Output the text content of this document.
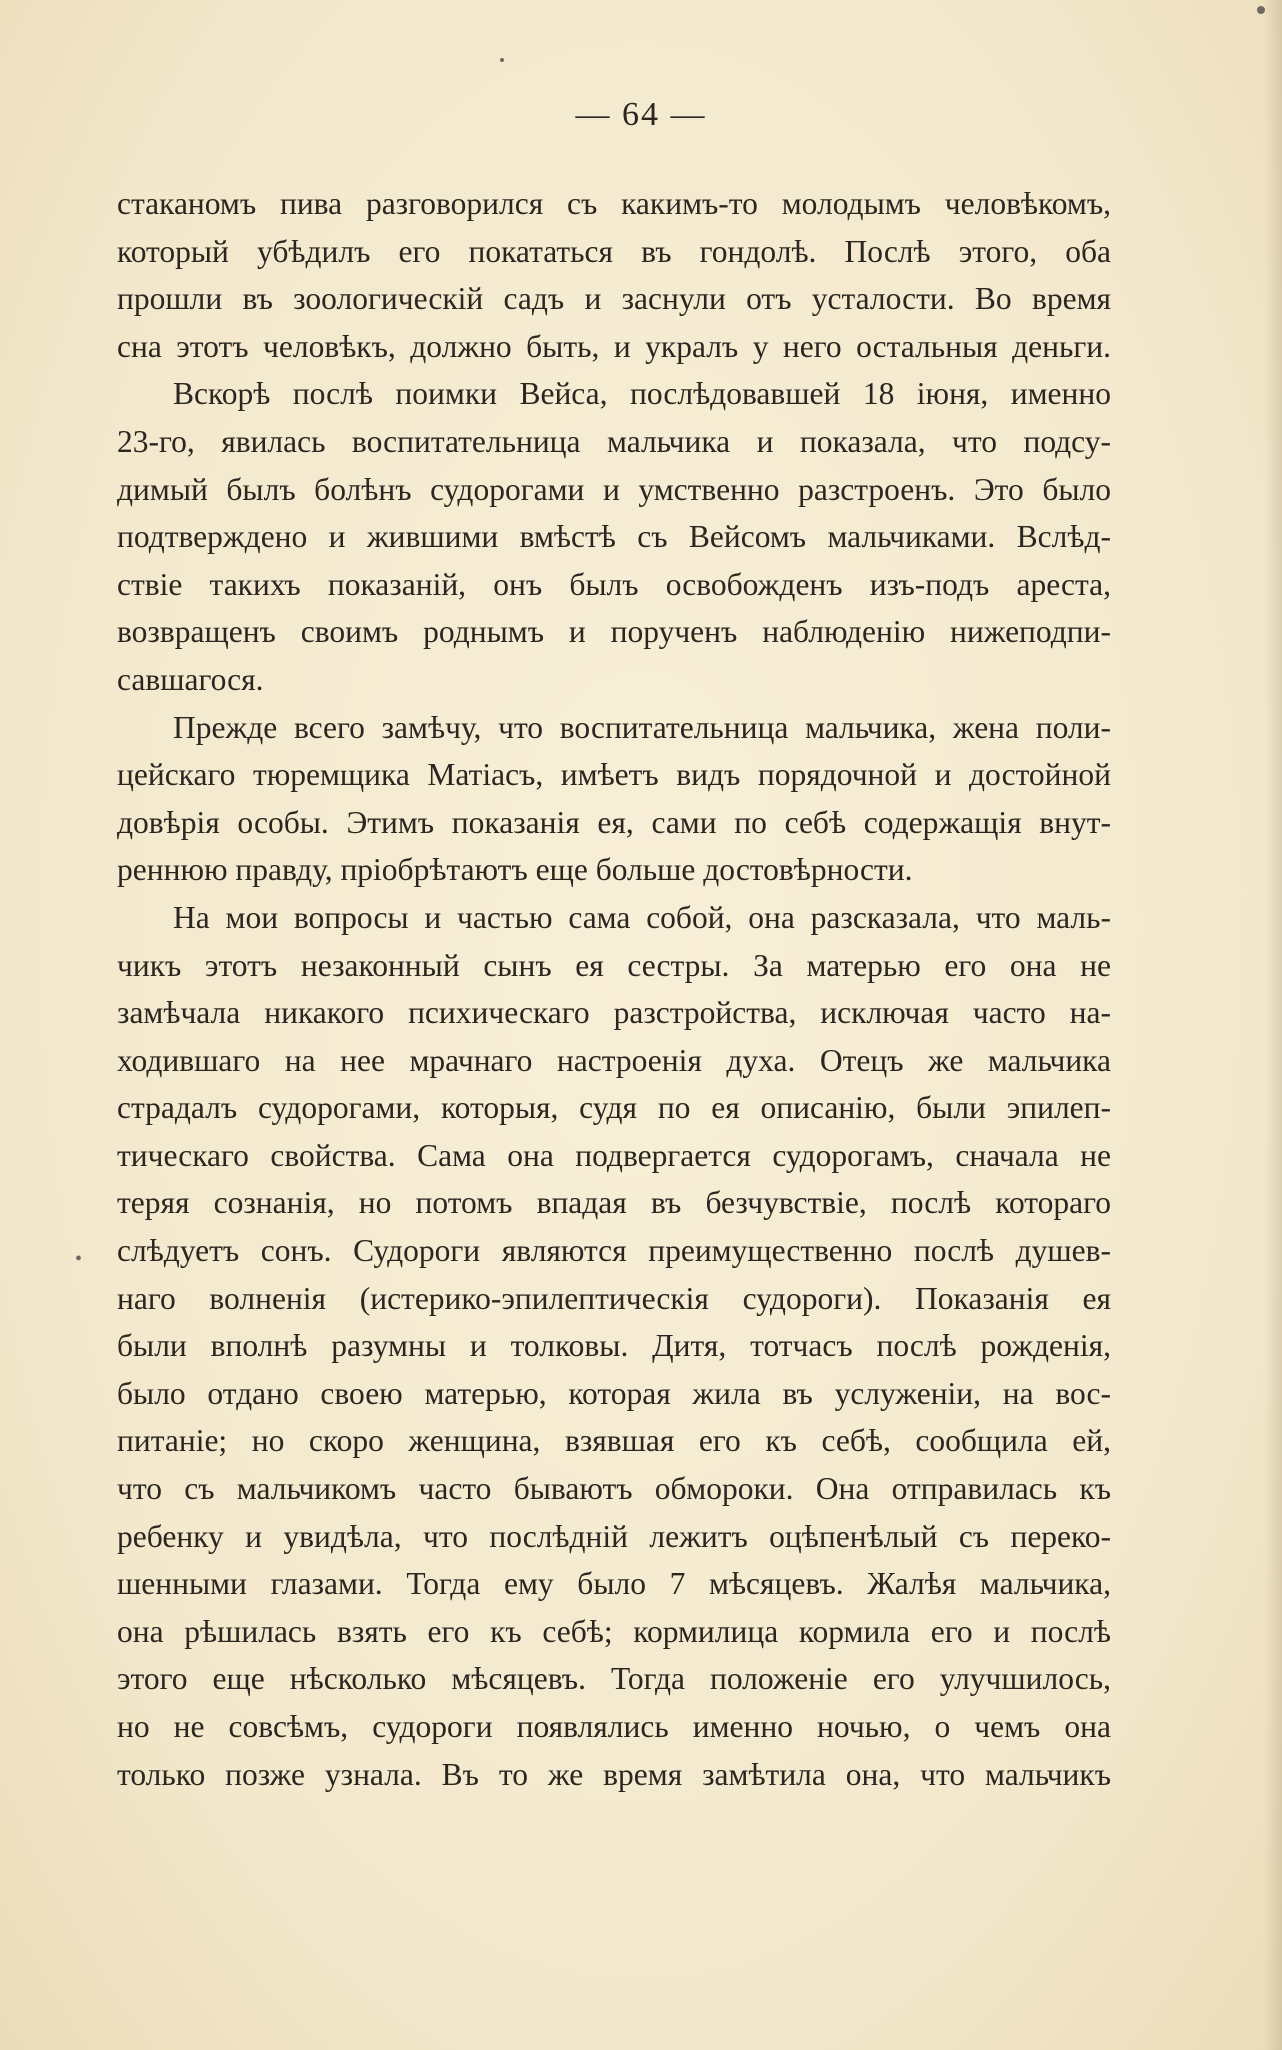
— 64 —
•
стаканомъ пива разговорился съ какимъ-то молодымъ человѣкомъ,
который убѣдилъ его покататься въ гондолѣ. Послѣ этого, оба
прошли въ зоологическій садъ и заснули отъ усталости. Во время
сна этотъ человѣкъ, должно быть, и укралъ у него остальныя деньги.
Вскорѣ послѣ поимки Вейса, послѣдовавшей 18 іюня, именно
23-го, явилась воспитательница мальчика и показала, что подсу-
димый былъ болѣнъ судорогами и умственно разстроенъ. Это было
подтверждено и жившими вмѣстѣ съ Вейсомъ мальчиками. Вслѣд-
ствіе такихъ показаній, онъ былъ освобожденъ изъ-подъ ареста,
возвращенъ своимъ роднымъ и порученъ наблюденію нижеподпи-
савшагося.
Прежде всего замѣчу, что воспитательница мальчика, жена поли-
цейскаго тюремщика Матіасъ, имѣетъ видъ порядочной и достойной
довѣрія особы. Этимъ показанія ея, сами по себѣ содержащія внут-
реннюю правду, пріобрѣтаютъ еще больше достовѣрности.
На мои вопросы и частью сама собой, она разсказала, что маль-
чикъ этотъ незаконный сынъ ея сестры. За матерью его она не
замѣчала никакого психическаго разстройства, исключая часто на-
ходившаго на нее мрачнаго настроенія духа. Отецъ же мальчика
страдалъ судорогами, которыя, судя по ея описанію, были эпилеп-
тическаго свойства. Сама она подвергается судорогамъ, сначала не
теряя сознанія, но потомъ впадая въ безчувствіе, послѣ котораго
слѣдуетъ сонъ. Судороги являются преимущественно послѣ душев-
наго волненія (истерико-эпилептическія судороги). Показанія ея
были вполнѣ разумны и толковы. Дитя, тотчасъ послѣ рожденія,
было отдано своею матерью, которая жила въ услуженіи, на вос-
питаніе; но скоро женщина, взявшая его къ себѣ, сообщила ей,
что съ мальчикомъ часто бываютъ обмороки. Она отправилась къ
ребенку и увидѣла, что послѣдній лежитъ оцѣпенѣлый съ переко-
шенными глазами. Тогда ему было 7 мѣсяцевъ. Жалѣя мальчика,
она рѣшилась взять его къ себѣ; кормилица кормила его и послѣ
этого еще нѣсколько мѣсяцевъ. Тогда положеніе его улучшилось,
но не совсѣмъ, судороги появлялись именно ночью, о чемъ она
только позже узнала. Въ то же время замѣтила она, что мальчикъ
